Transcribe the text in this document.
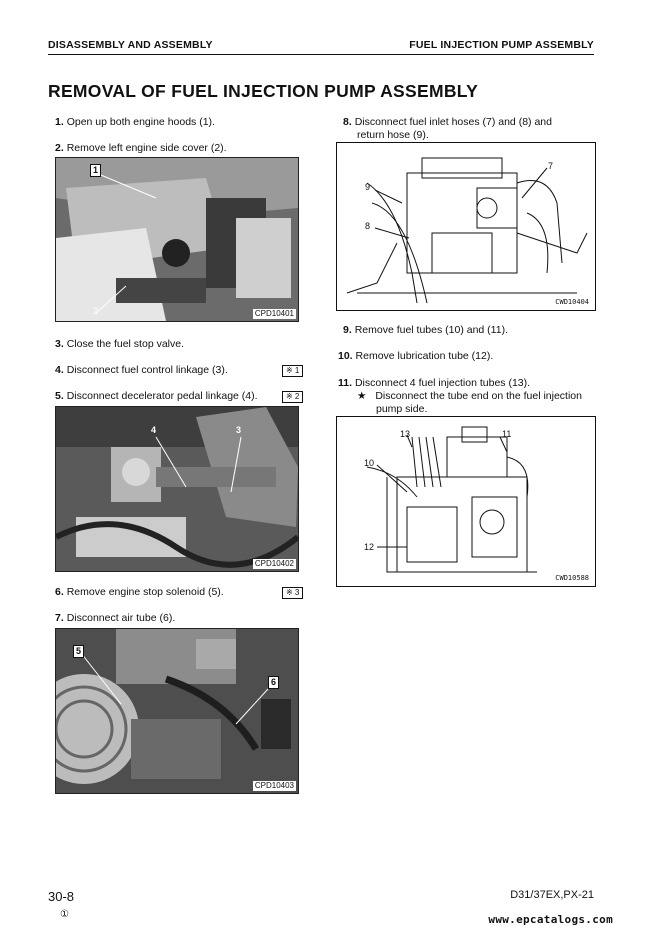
DISASSEMBLY AND ASSEMBLY	FUEL INJECTION PUMP ASSEMBLY
REMOVAL OF FUEL INJECTION PUMP ASSEMBLY
1. Open up both engine hoods (1).
2. Remove left engine side cover (2).
1
2	CPD10401
3. Close the fuel stop valve.
4. Disconnect fuel control linkage (3).	※ 1
5. Disconnect decelerator pedal linkage (4).	※ 2
4	3
CPD10402
6. Remove engine stop solenoid (5).	※ 3
7. Disconnect air tube (6).
5
6
CPD10403
8. Disconnect fuel inlet hoses (7) and (8) and
return hose (9).
9
7
8
CWD10404
9. Remove fuel tubes (10) and (11).
10. Remove lubrication tube (12).
11. Disconnect 4 fuel injection tubes (13).
★ Disconnect the tube end on the fuel injection
pump side.
13	11
10
12
CWD10588
30-8	D31/37EX,PX-21
①	www.epcatalogs.com
